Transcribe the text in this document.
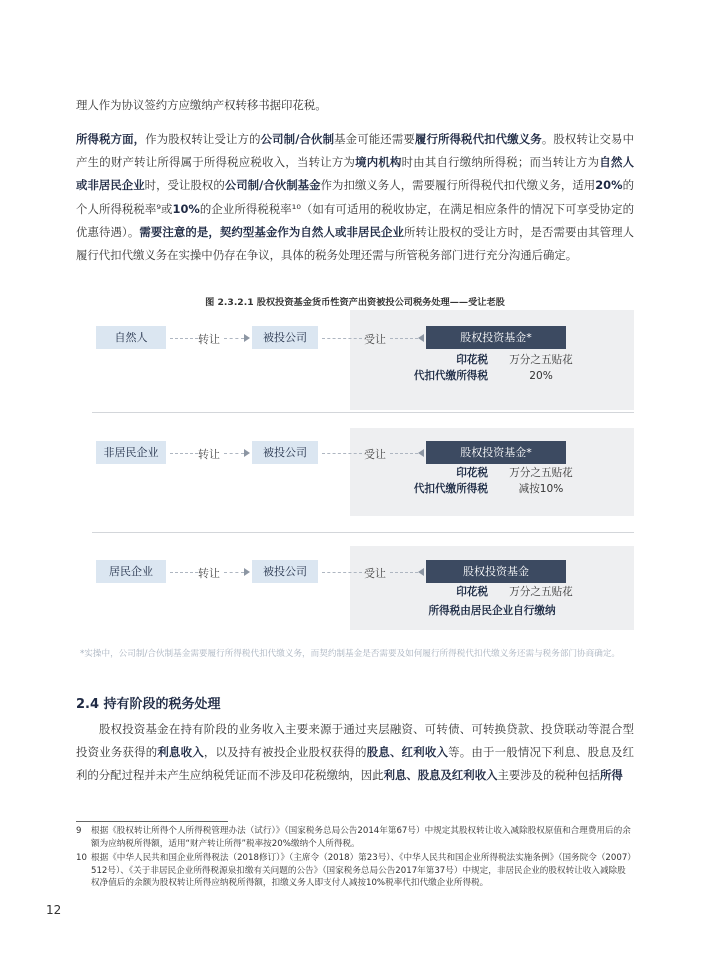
理人作为协议签约方应缴纳产权转移书据印花税。

所得税方面，作为股权转让受让方的公司制/合伙制基金可能还需要履行所得税代扣代缴义务。股权转让交易中产生的财产转让所得属于所得税应税收入，当转让方为境内机构时由其自行缴纳所得税；而当转让方为自然人或非居民企业时，受让股权的公司制/合伙制基金作为扣缴义务人，需要履行所得税代扣代缴义务，适用20%的个人所得税税率⁹或10%的企业所得税税率¹⁰（如有可适用的税收协定，在满足相应条件的情况下可享受协定的优惠待遇）。需要注意的是，契约型基金作为自然人或非居民企业所转让股权的受让方时，是否需要由其管理人履行代扣代缴义务在实操中仍存在争议，具体的税务处理还需与所管税务部门进行充分沟通后确定。

图 2.3.2.1 股权投资基金货币性资产出资被投公司税务处理——受让老股
自然人	转让	被投公司	受让	股权投资基金*
印花税	万分之五贴花
代扣代缴所得税	20%
非居民企业	转让	被投公司	受让	股权投资基金*
印花税	万分之五贴花
代扣代缴所得税	减按10%
居民企业	转让	被投公司	受让	股权投资基金
印花税	万分之五贴花
所得税由居民企业自行缴纳
*实操中，公司制/合伙制基金需要履行所得税代扣代缴义务，而契约制基金是否需要及如何履行所得税代扣代缴义务还需与税务部门协商确定。
2.4 持有阶段的税务处理

股权投资基金在持有阶段的业务收入主要来源于通过夹层融资、可转债、可转换贷款、投贷联动等混合型投资业务获得的利息收入，以及持有被投企业股权获得的股息、红利收入等。由于一般情况下利息、股息及红利的分配过程并未产生应纳税凭证而不涉及印花税缴纳，因此利息、股息及红利收入主要涉及的税种包括所得

9 根据《股权转让所得个人所得税管理办法（试行）》（国家税务总局公告2014年第67号）中规定其股权转让收入减除股权原值和合理费用后的余额为应纳税所得额，适用“财产转让所得”税率按20%缴纳个人所得税。
10 根据《中华人民共和国企业所得税法（2018修订）》（主席令（2018）第23号）、《中华人民共和国企业所得税法实施条例》（国务院令（2007）512号）、《关于非居民企业所得税源泉扣缴有关问题的公告》（国家税务总局公告2017年第37号）中规定，非居民企业的股权转让收入减除股权净值后的余额为股权转让所得应纳税所得额，扣缴义务人即支付人减按10%税率代扣代缴企业所得税。
12
